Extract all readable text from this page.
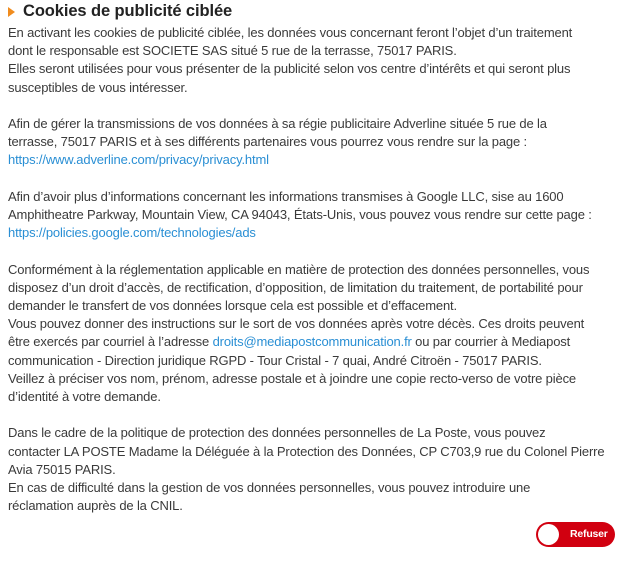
Cookies de publicité ciblée

En activant les cookies de publicité ciblée, les données vous concernant feront l’objet d’un traitement
dont le responsable est SOCIETE SAS situé 5 rue de la terrasse, 75017 PARIS.
Elles seront utilisées pour vous présenter de la publicité selon vos centre d’intérêts et qui seront plus
susceptibles de vous intéresser.

Afin de gérer la transmissions de vos données à sa régie publicitaire Adverline située 5 rue de la
terrasse, 75017 PARIS et à ses différents partenaires vous pourrez vous rendre sur la page :
https://www.adverline.com/privacy/privacy.html

Afin d’avoir plus d’informations concernant les informations transmises à Google LLC, sise au 1600
Amphitheatre Parkway, Mountain View, CA 94043, États-Unis, vous pouvez vous rendre sur cette page :
https://policies.google.com/technologies/ads

Conformément à la réglementation applicable en matière de protection des données personnelles, vous
disposez d’un droit d’accès, de rectification, d’opposition, de limitation du traitement, de portabilité pour
demander le transfert de vos données lorsque cela est possible et d’effacement.
Vous pouvez donner des instructions sur le sort de vos données après votre décès. Ces droits peuvent
être exercés par courriel à l’adresse droits@mediapostcommunication.fr ou par courrier à Mediapost
communication - Direction juridique RGPD - Tour Cristal - 7 quai, André Citroën - 75017 PARIS.
Veillez à préciser vos nom, prénom, adresse postale et à joindre une copie recto-verso de votre pièce
d’identité à votre demande.

Dans le cadre de la politique de protection des données personnelles de La Poste, vous pouvez
contacter LA POSTE Madame la Déléguée à la Protection des Données, CP C703,9 rue du Colonel Pierre
Avia 75015 PARIS.
En cas de difficulté dans la gestion de vos données personnelles, vous pouvez introduire une
réclamation auprès de la CNIL.

Refuser
